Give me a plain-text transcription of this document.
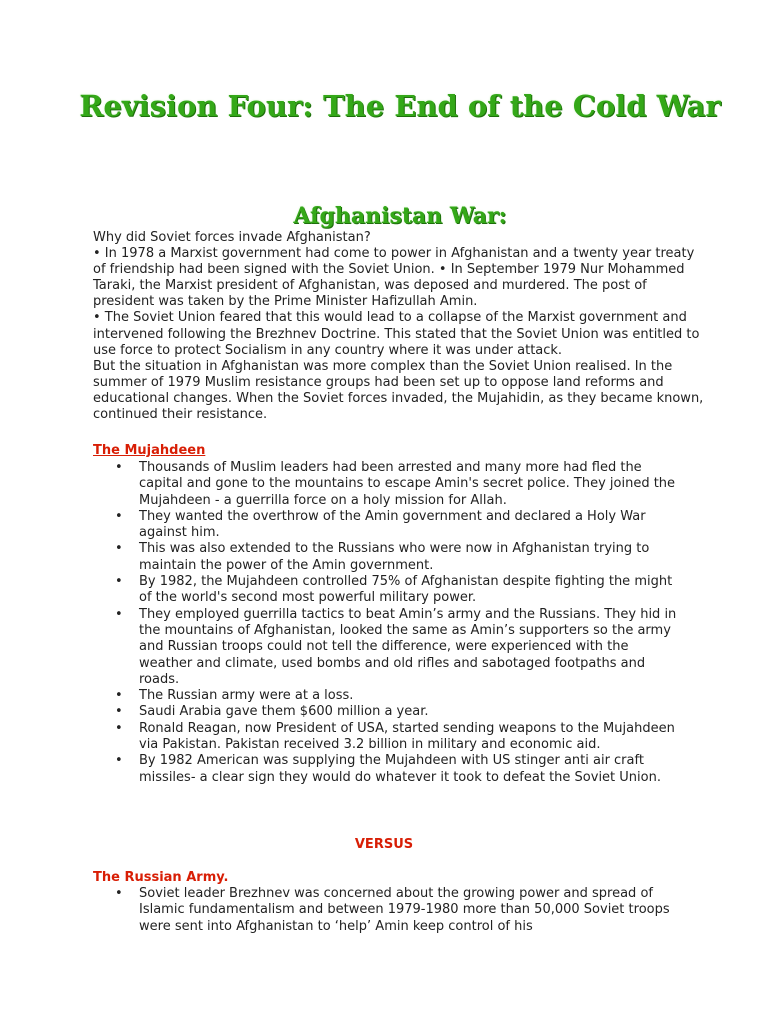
Revision Four: The End of the Cold War
Afghanistan War:

Why did Soviet forces invade Afghanistan?

• In 1978 a Marxist government had come to power in Afghanistan and a twenty year treaty of friendship had been signed with the Soviet Union. • In September 1979 Nur Mohammed Taraki, the Marxist president of Afghanistan, was deposed and murdered. The post of president was taken by the Prime Minister Hafizullah Amin.

• The Soviet Union feared that this would lead to a collapse of the Marxist government and intervened following the Brezhnev Doctrine. This stated that the Soviet Union was entitled to use force to protect Socialism in any country where it was under attack.

But the situation in Afghanistan was more complex than the Soviet Union realised. In the summer of 1979 Muslim resistance groups had been set up to oppose land reforms and educational changes. When the Soviet forces invaded, the Mujahidin, as they became known, continued their resistance.

The Mujahdeen
• Thousands of Muslim leaders had been arrested and many more had fled the capital and gone to the mountains to escape Amin's secret police. They joined the Mujahdeen - a guerrilla force on a holy mission for Allah.
• They wanted the overthrow of the Amin government and declared a Holy War against him.
• This was also extended to the Russians who were now in Afghanistan trying to maintain the power of the Amin government.
• By 1982, the Mujahdeen controlled 75% of Afghanistan despite fighting the might of the world's second most powerful military power.
• They employed guerrilla tactics to beat Amin’s army and the Russians. They hid in the mountains of Afghanistan, looked the same as Amin’s supporters so the army and Russian troops could not tell the difference, were experienced with the weather and climate, used bombs and old rifles and sabotaged footpaths and roads.
• The Russian army were at a loss.
• Saudi Arabia gave them $600 million a year.
• Ronald Reagan, now President of USA, started sending weapons to the Mujahdeen via Pakistan. Pakistan received 3.2 billion in military and economic aid.
• By 1982 American was supplying the Mujahdeen with US stinger anti air craft missiles- a clear sign they would do whatever it took to defeat the Soviet Union.
VERSUS
The Russian Army.
• Soviet leader Brezhnev was concerned about the growing power and spread of Islamic fundamentalism and between 1979-1980 more than 50,000 Soviet troops were sent into Afghanistan to ‘help’ Amin keep control of his
